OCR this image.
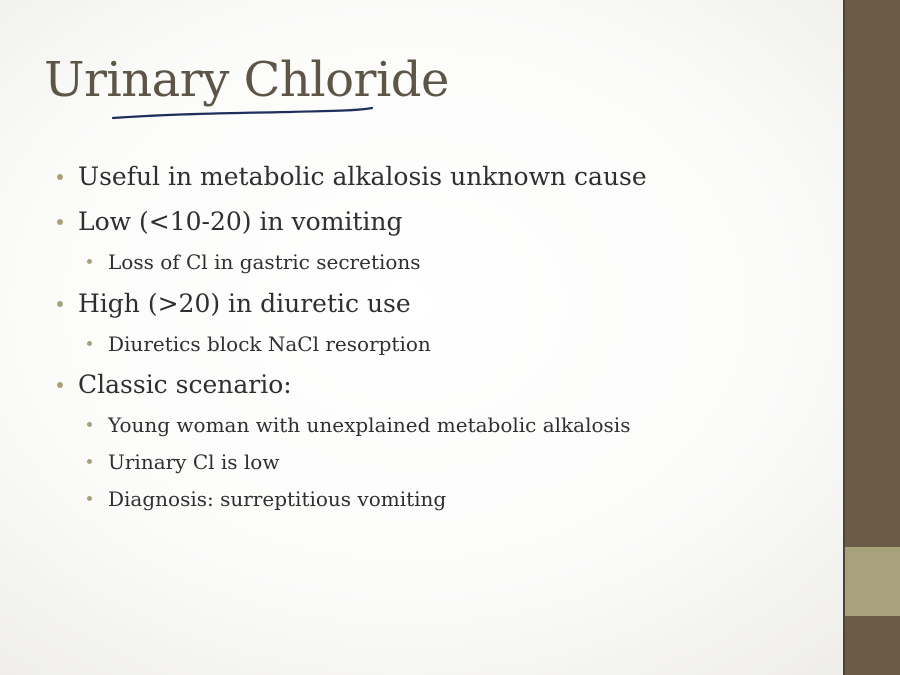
Urinary Chloride
Useful in metabolic alkalosis unknown cause
Low (<10-20) in vomiting
Loss of Cl in gastric secretions
High (>20) in diuretic use
Diuretics block NaCl resorption
Classic scenario:
Young woman with unexplained metabolic alkalosis
Urinary Cl is low
Diagnosis: surreptitious vomiting
